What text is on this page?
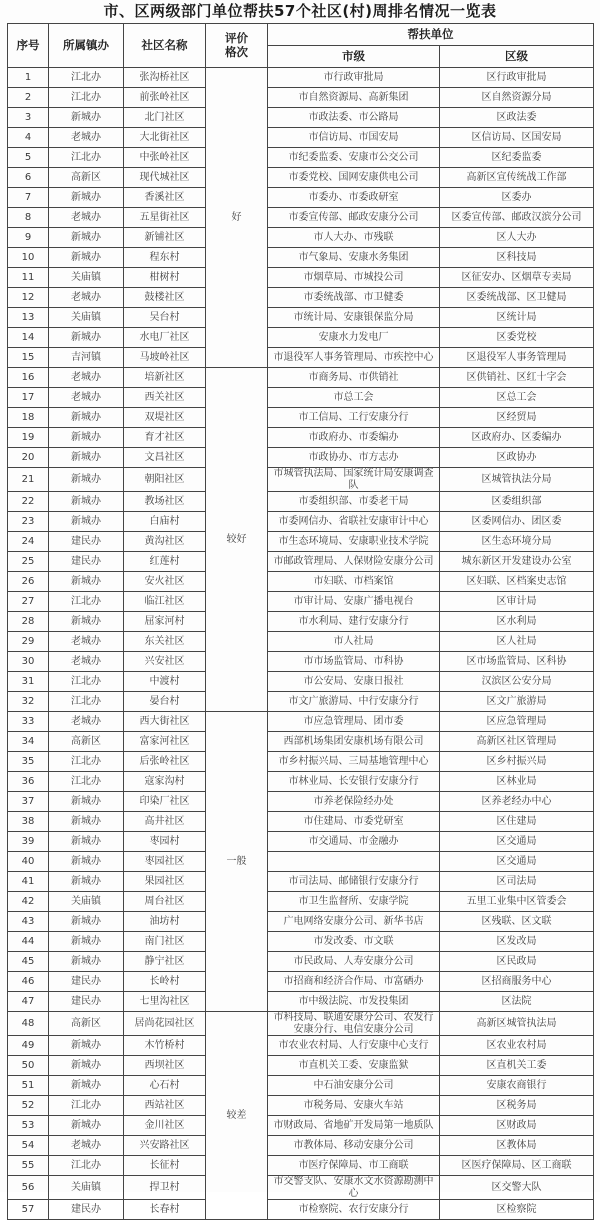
市、区两级部门单位帮扶57个社区(村)周排名情况一览表
序号	所属镇办	社区名称	评价
格次	帮扶单位	
				市级	区级
1	江北办	张沟桥社区	好	市行政审批局	区行政审批局
2	江北办	前张岭社区		市自然资源局、高新集团	区自然资源分局
3	新城办	北门社区		市政法委、市公路局	区政法委
4	老城办	大北街社区		市信访局、市国安局	区信访局、区国安局
5	江北办	中张岭社区		市纪委监委、安康市公交公司	区纪委监委
6	高新区	现代城社区		市委党校、国网安康供电公司	高新区宣传统战工作部
7	新城办	香溪社区		市委办、市委政研室	区委办
8	老城办	五星街社区		市委宣传部、邮政安康分公司	区委宣传部、邮政汉滨分公司
9	新城办	新铺社区		市人大办、市残联	区人大办
10	新城办	程东村		市气象局、安康水务集团	区科技局
11	关庙镇	柑树村		市烟草局、市城投公司	区征安办、区烟草专卖局
12	老城办	鼓楼社区		市委统战部、市卫健委	区委统战部、区卫健局
13	关庙镇	吴台村		市统计局、安康银保监分局	区统计局
14	新城办	水电厂社区		安康水力发电厂	区委党校
15	吉河镇	马坡岭社区		市退役军人事务管理局、市疾控中心	区退役军人事务管理局
16	老城办	培新社区	较好	市商务局、市供销社	区供销社、区红十字会
17	老城办	西关社区		市总工会	区总工会
18	新城办	双堤社区		市工信局、工行安康分行	区经贸局
19	新城办	育才社区		市政府办、市委编办	区政府办、区委编办
20	新城办	文昌社区		市政协办、市方志办	区政协办
21	新城办	朝阳社区		市城管执法局、国家统计局安康调查队	区城管执法分局
22	新城办	教场社区		市委组织部、市委老干局	区委组织部
23	新城办	白庙村		市委网信办、省联社安康审计中心	区委网信办、团区委
24	建民办	黄沟社区		市生态环境局、安康职业技术学院	区生态环境分局
25	建民办	红莲村		市邮政管理局、人保财险安康分公司	城东新区开发建设办公室
26	新城办	安火社区		市妇联、市档案馆	区妇联、区档案史志馆
27	江北办	临江社区		市审计局、安康广播电视台	区审计局
28	新城办	屈家河村		市水利局、建行安康分行	区水利局
29	老城办	东关社区		市人社局	区人社局
30	老城办	兴安社区		市市场监管局、市科协	区市场监管局、区科协
31	江北办	中渡村		市公安局、安康日报社	汉滨区公安分局
32	江北办	晏台村		市文广旅游局、中行安康分行	区文广旅游局
33	老城办	西大街社区	一般	市应急管理局、团市委	区应急管理局
34	高新区	富家河社区		西部机场集团安康机场有限公司	高新区社区管理局
35	江北办	后张岭社区		市乡村振兴局、三局基地管理中心	区乡村振兴局
36	江北办	寇家沟村		市林业局、长安银行安康分行	区林业局
37	新城办	印染厂社区		市养老保险经办处	区养老经办中心
38	新城办	高井社区		市住建局、市委党研室	区住建局
39	新城办	枣园村		市交通局、市金融办	区交通局
40	新城办	枣园社区			区交通局
41	新城办	果园社区		市司法局、邮储银行安康分行	区司法局
42	关庙镇	周台社区		市卫生监督所、安康学院	五里工业集中区管委会
43	新城办	油坊村		广电网络安康分公司、新华书店	区残联、区文联
44	新城办	南门社区		市发改委、市文联	区发改局
45	新城办	静宁社区		市民政局、人寿安康分公司	区民政局
46	建民办	长岭村		市招商和经济合作局、市富硒办	区招商服务中心
47	建民办	七里沟社区		市中级法院、市发投集团	区法院
48	高新区	居尚花园社区	较差	市科技局、联通安康分公司、农发行安康分行、电信安康分公司	高新区城管执法局
49	新城办	木竹桥村		市农业农村局、人行安康中心支行	区农业农村局
50	新城办	西坝社区		市直机关工委、安康监狱	区直机关工委
51	新城办	心石村		中石油安康分公司	安康农商银行
52	江北办	西站社区		市税务局、安康火车站	区税务局
53	新城办	金川社区		市财政局、省地矿开发局第一地质队	区财政局
54	老城办	兴安路社区		市教体局、移动安康分公司	区教体局
55	江北办	长征村		市医疗保障局、市工商联	区医疗保障局、区工商联
56	关庙镇	捍卫村		市交警支队、安康水文水资源勘测中心	区交警大队
57	建民办	长春村		市检察院、农行安康分行	区检察院
